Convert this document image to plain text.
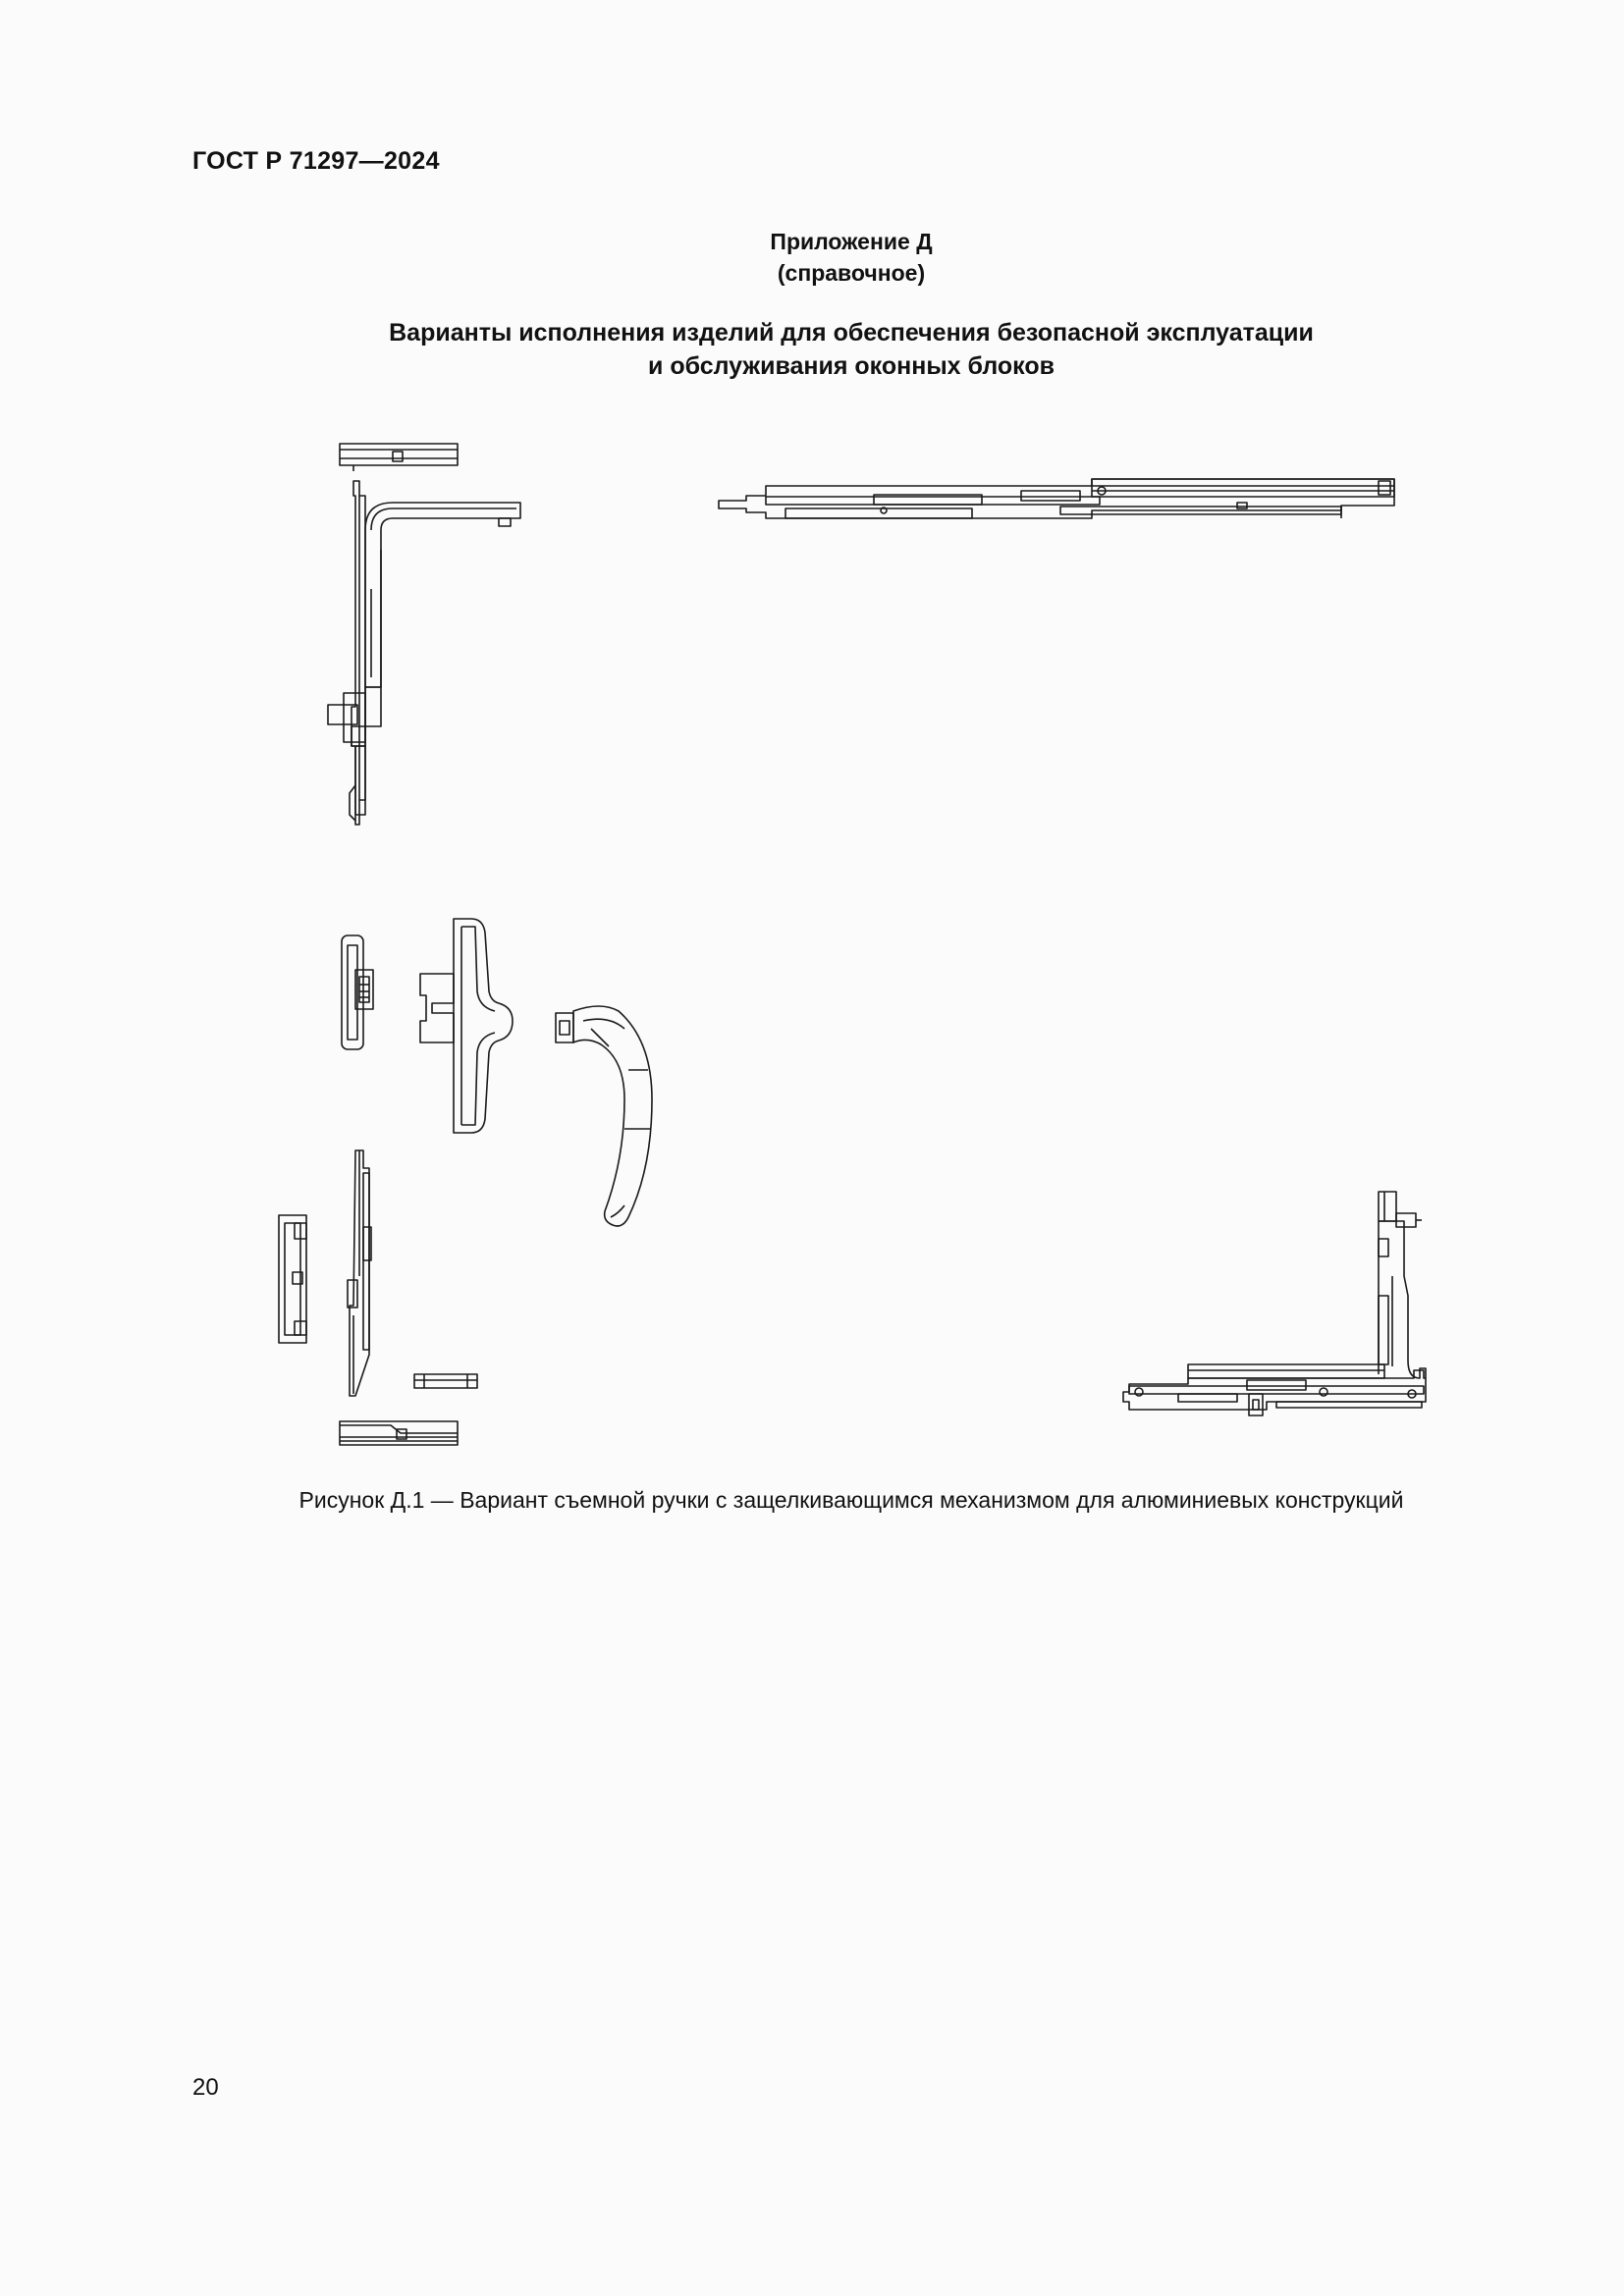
ГОСТ Р 71297—2024
Приложение Д
(справочное)
Варианты исполнения изделий для обеспечения безопасной эксплуатации
и обслуживания оконных блоков
Рисунок Д.1 — Вариант съемной ручки с защелкивающимся механизмом для алюминиевых конструкций
20
